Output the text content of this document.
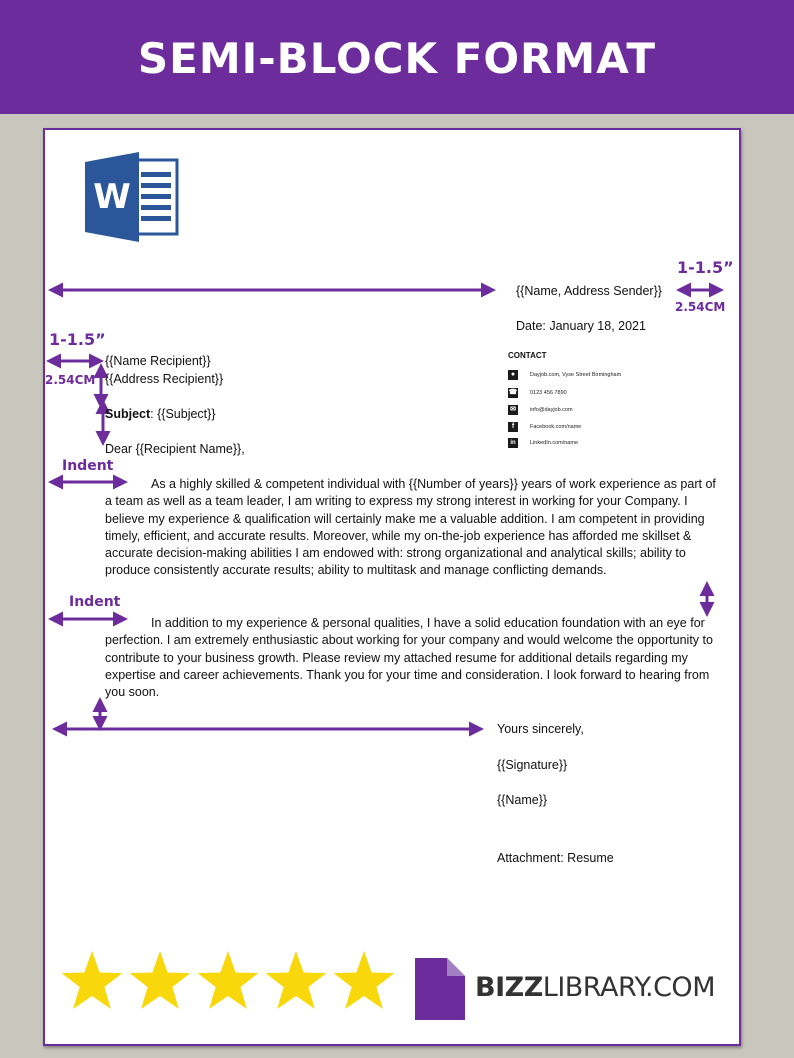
SEMI-BLOCK FORMAT
W
1-1.5”
2.54CM
1-1.5”
2.54CM
Indent
Indent
{{Name, Address Sender}}
Date: January 18, 2021
CONTACT
●	Dayjob.com, Vyse Street Birmingham
☎ 0123 456 7890
✉	info@dayjob.com
f	Facebook.com/name
in	LinkedIn.com/name
{{Name Recipient}}
{{Address Recipient}}
Subject: {{Subject}}
Dear {{Recipient Name}},
As a highly skilled & competent individual with {{Number of years}} years of work experience as part of a team as well as a team leader, I am writing to express my strong interest in working for your Company. I believe my experience & qualification will certainly make me a valuable addition. I am competent in providing timely, efficient, and accurate results. Moreover, while my on-the-job experience has afforded me skillset & accurate decision-making abilities I am endowed with: strong organizational and analytical skills; ability to produce consistently accurate results; ability to multitask and manage conflicting demands.
In addition to my experience & personal qualities, I have a solid education foundation with an eye for perfection. I am extremely enthusiastic about working for your company and would welcome the opportunity to contribute to your business growth. Please review my attached resume for additional details regarding my expertise and career achievements. Thank you for your time and consideration. I look forward to hearing from you soon.
Yours sincerely,
{{Signature}}
{{Name}}
Attachment: Resume
BIZZLIBRARY.COM
